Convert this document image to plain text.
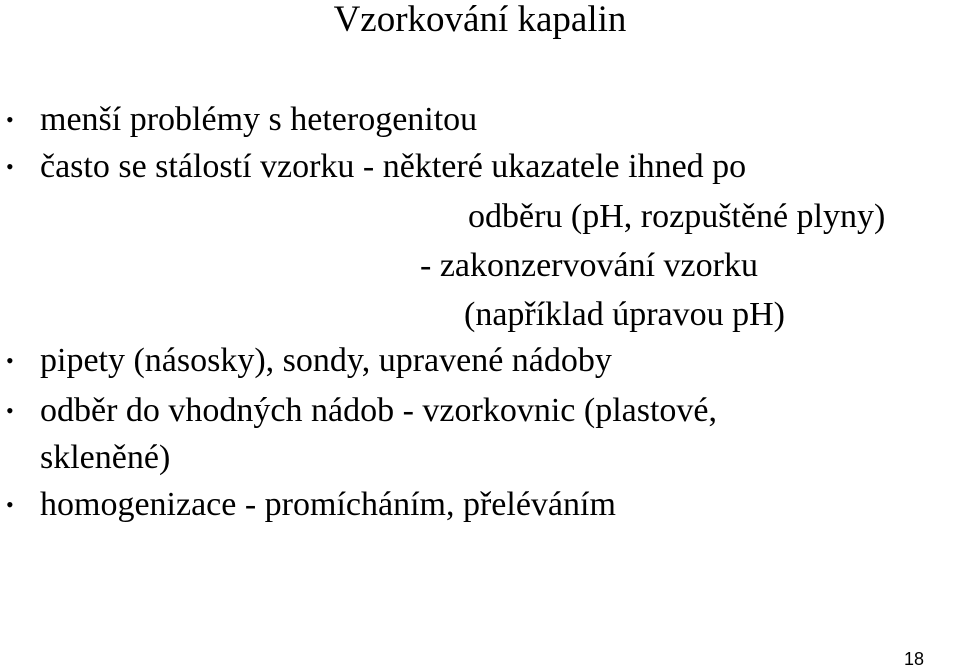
Vzorkování kapalin
• menší problémy s heterogenitou
• často se stálostí vzorku - některé ukazatele ihned po
odběru (pH, rozpuštěné plyny)
- zakonzervování vzorku
(například úpravou pH)
• pipety (násosky), sondy, upravené nádoby
• odběr do vhodných nádob - vzorkovnic (plastové,
skleněné)
• homogenizace - promícháním, přeléváním
18
